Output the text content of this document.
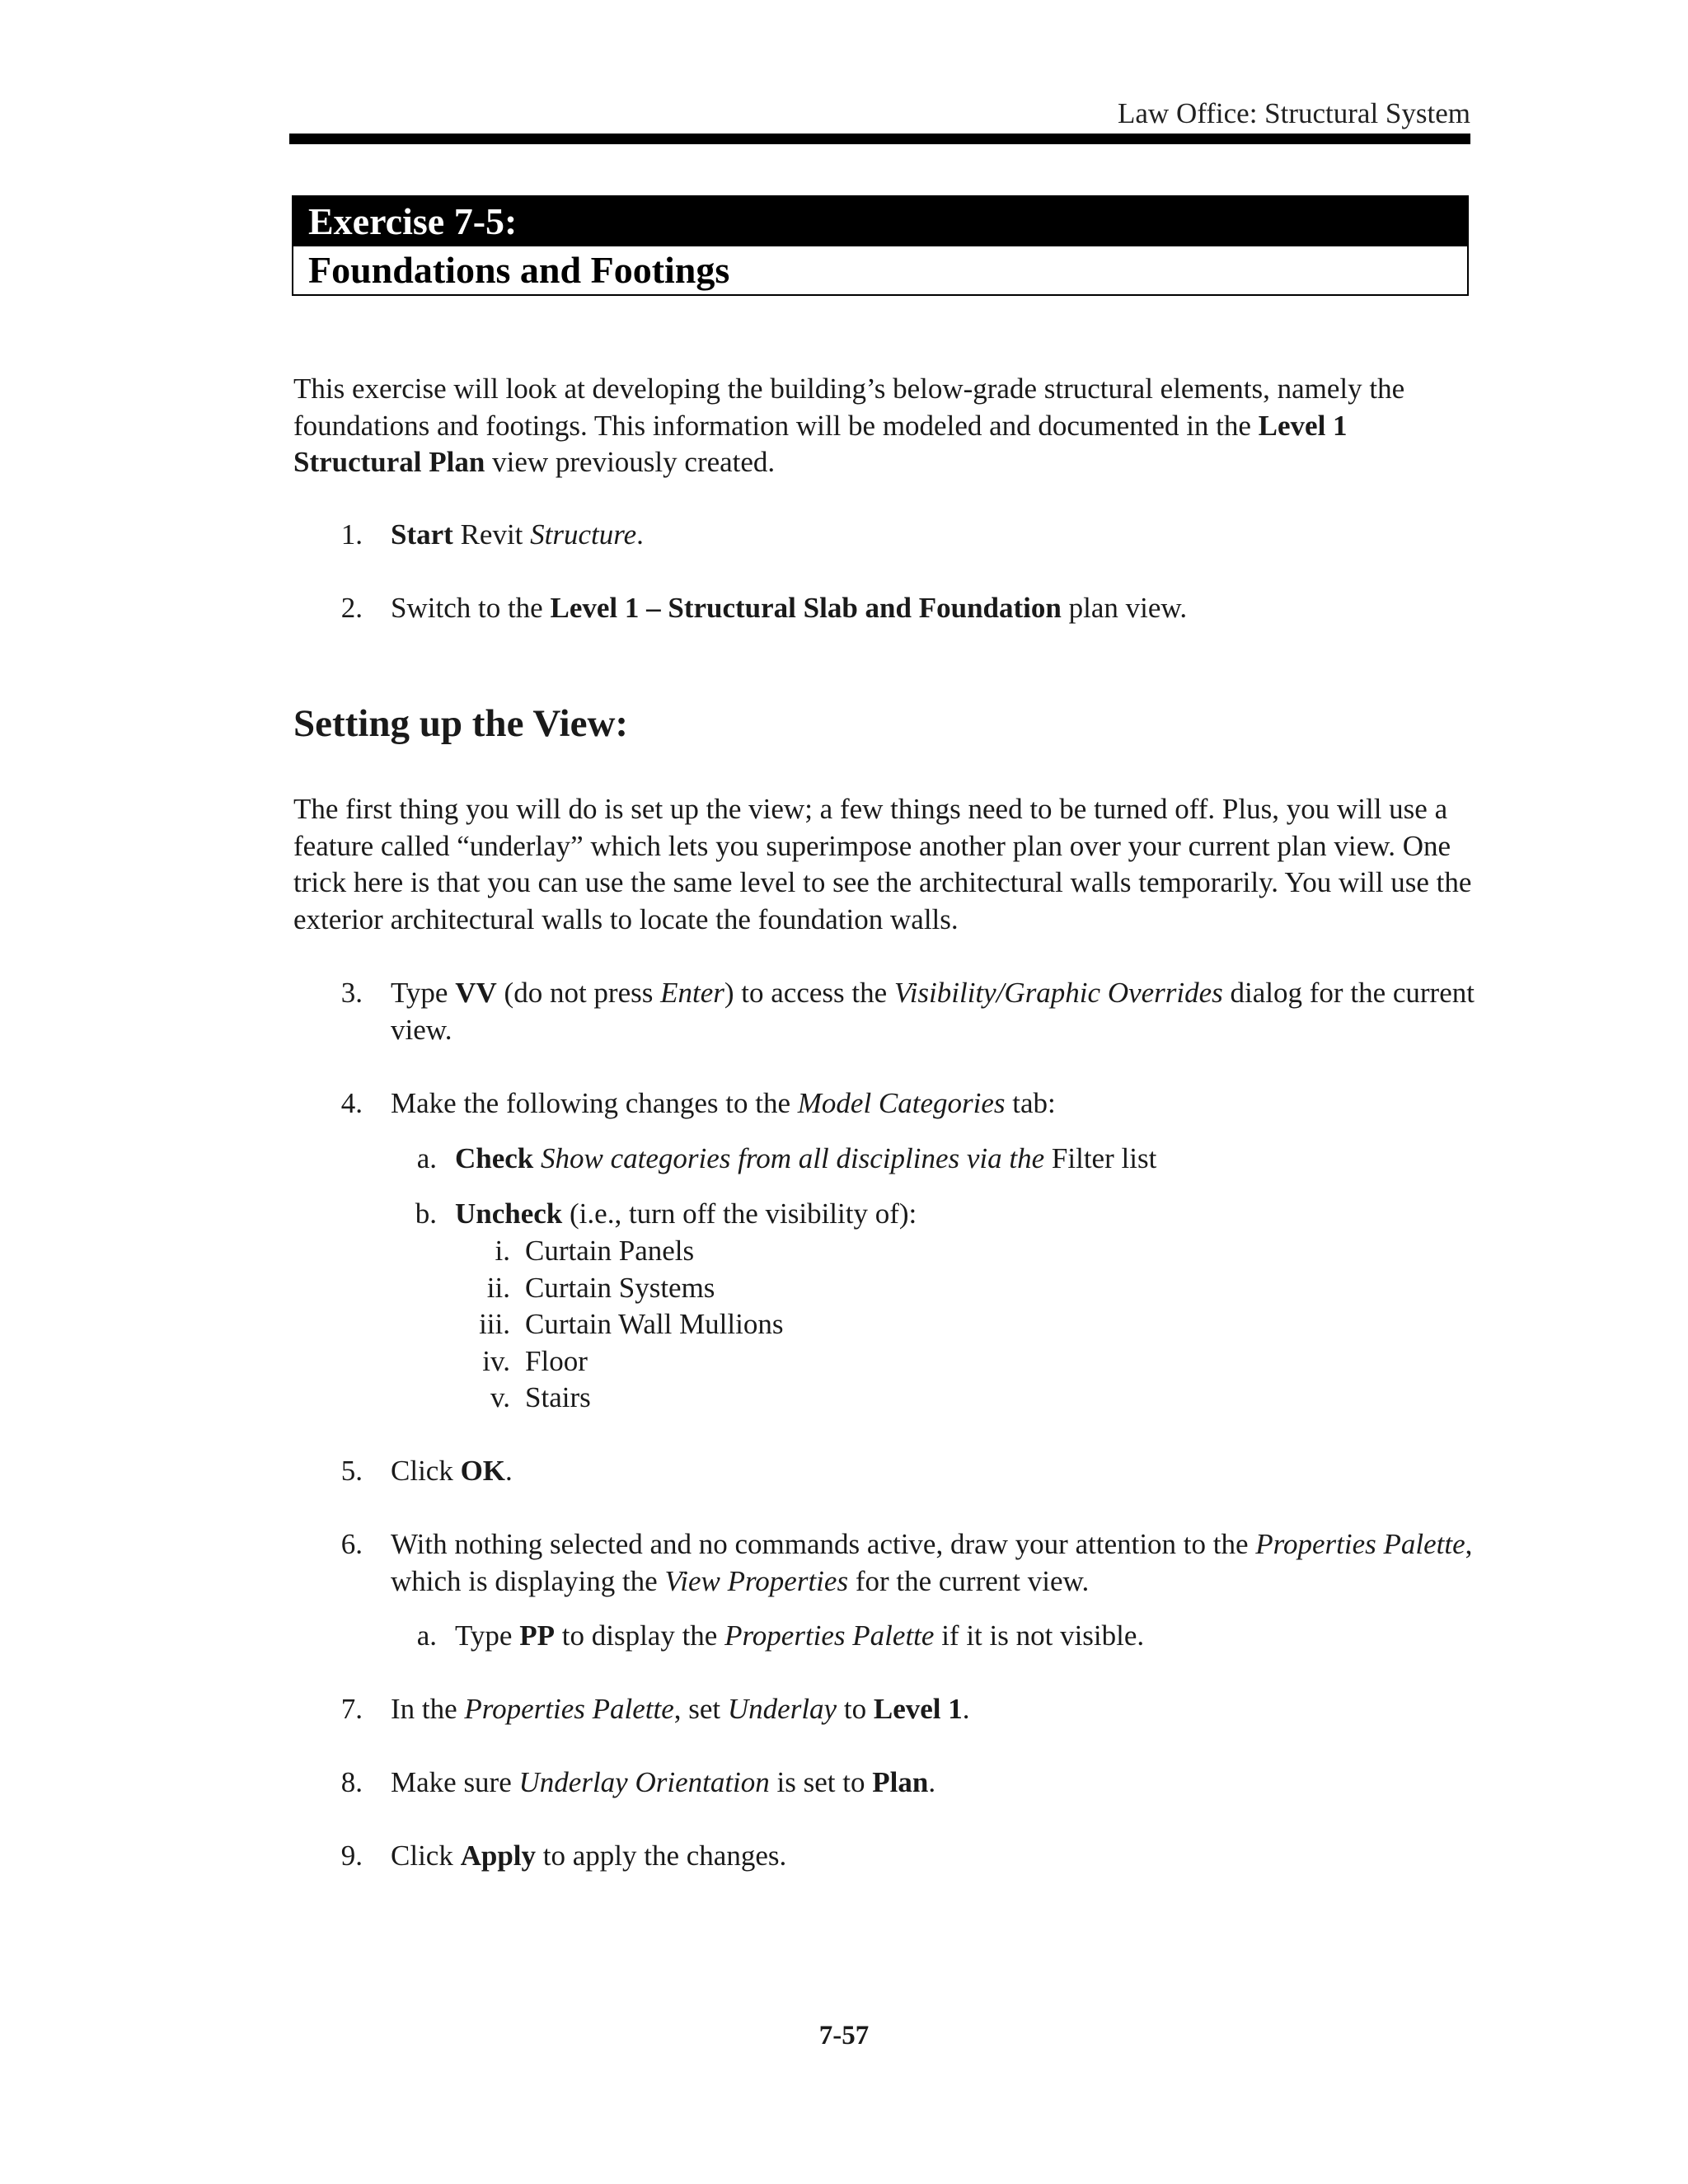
Law Office: Structural System
Exercise 7-5:
Foundations and Footings
This exercise will look at developing the building’s below-grade structural elements, namely the foundations and footings. This information will be modeled and documented in the Level 1 Structural Plan view previously created.
1. Start Revit Structure.
2. Switch to the Level 1 – Structural Slab and Foundation plan view.
Setting up the View:
The first thing you will do is set up the view; a few things need to be turned off. Plus, you will use a feature called “underlay” which lets you superimpose another plan over your current plan view. One trick here is that you can use the same level to see the architectural walls temporarily. You will use the exterior architectural walls to locate the foundation walls.
3. Type VV (do not press Enter) to access the Visibility/Graphic Overrides dialog for the current view.
4. Make the following changes to the Model Categories tab:
a. Check Show categories from all disciplines via the Filter list
b. Uncheck (i.e., turn off the visibility of):
i. Curtain Panels
ii. Curtain Systems
iii. Curtain Wall Mullions
iv. Floor
v. Stairs
5. Click OK.
6. With nothing selected and no commands active, draw your attention to the Properties Palette, which is displaying the View Properties for the current view.
a. Type PP to display the Properties Palette if it is not visible.
7. In the Properties Palette, set Underlay to Level 1.
8. Make sure Underlay Orientation is set to Plan.
9. Click Apply to apply the changes.
7-57
